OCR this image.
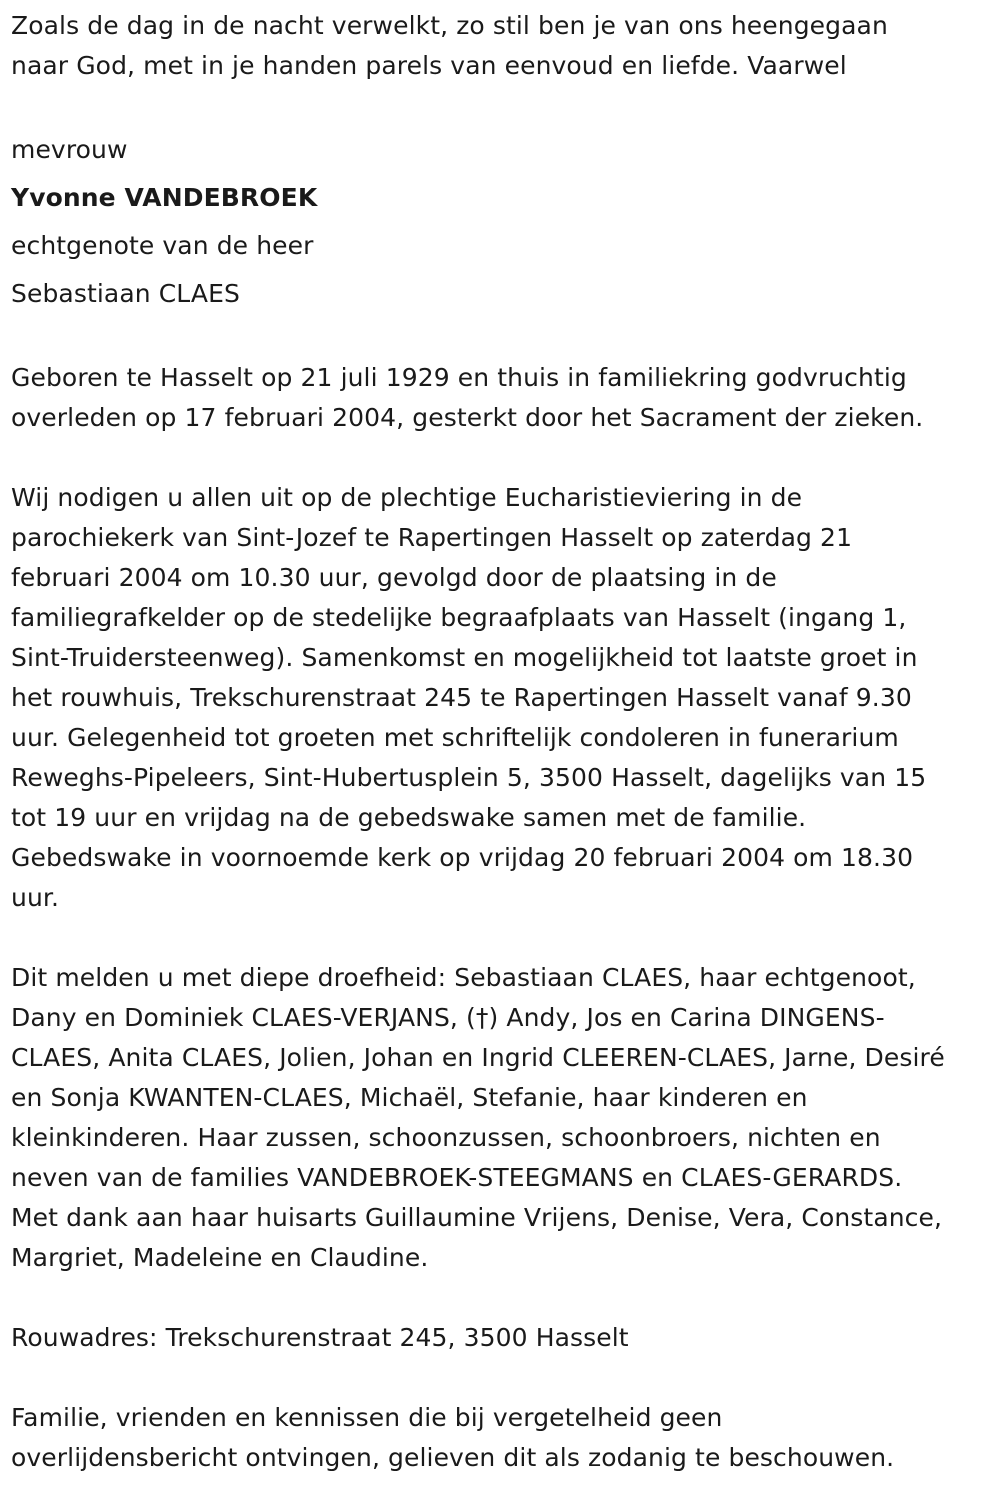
Zoals de dag in de nacht verwelkt, zo stil ben je van ons heengegaan
naar God, met in je handen parels van eenvoud en liefde. Vaarwel

mevrouw

Yvonne VANDEBROEK

echtgenote van de heer

Sebastiaan CLAES

Geboren te Hasselt op 21 juli 1929 en thuis in familiekring godvruchtig
overleden op 17 februari 2004, gesterkt door het Sacrament der zieken.

Wij nodigen u allen uit op de plechtige Eucharistieviering in de
parochiekerk van Sint-Jozef te Rapertingen Hasselt op zaterdag 21
februari 2004 om 10.30 uur, gevolgd door de plaatsing in de
familiegrafkelder op de stedelijke begraafplaats van Hasselt (ingang 1,
Sint-Truidersteenweg). Samenkomst en mogelijkheid tot laatste groet in
het rouwhuis, Trekschurenstraat 245 te Rapertingen Hasselt vanaf 9.30
uur. Gelegenheid tot groeten met schriftelijk condoleren in funerarium
Reweghs-Pipeleers, Sint-Hubertusplein 5, 3500 Hasselt, dagelijks van 15
tot 19 uur en vrijdag na de gebedswake samen met de familie.
Gebedswake in voornoemde kerk op vrijdag 20 februari 2004 om 18.30
uur.

Dit melden u met diepe droefheid: Sebastiaan CLAES, haar echtgenoot,
Dany en Dominiek CLAES-VERJANS, (†) Andy, Jos en Carina DINGENS-
CLAES, Anita CLAES, Jolien, Johan en Ingrid CLEEREN-CLAES, Jarne, Desiré
en Sonja KWANTEN-CLAES, Michaël, Stefanie, haar kinderen en
kleinkinderen. Haar zussen, schoonzussen, schoonbroers, nichten en
neven van de families VANDEBROEK-STEEGMANS en CLAES-GERARDS.
Met dank aan haar huisarts Guillaumine Vrijens, Denise, Vera, Constance,
Margriet, Madeleine en Claudine.

Rouwadres: Trekschurenstraat 245, 3500 Hasselt

Familie, vrienden en kennissen die bij vergetelheid geen
overlijdensbericht ontvingen, gelieven dit als zodanig te beschouwen.
